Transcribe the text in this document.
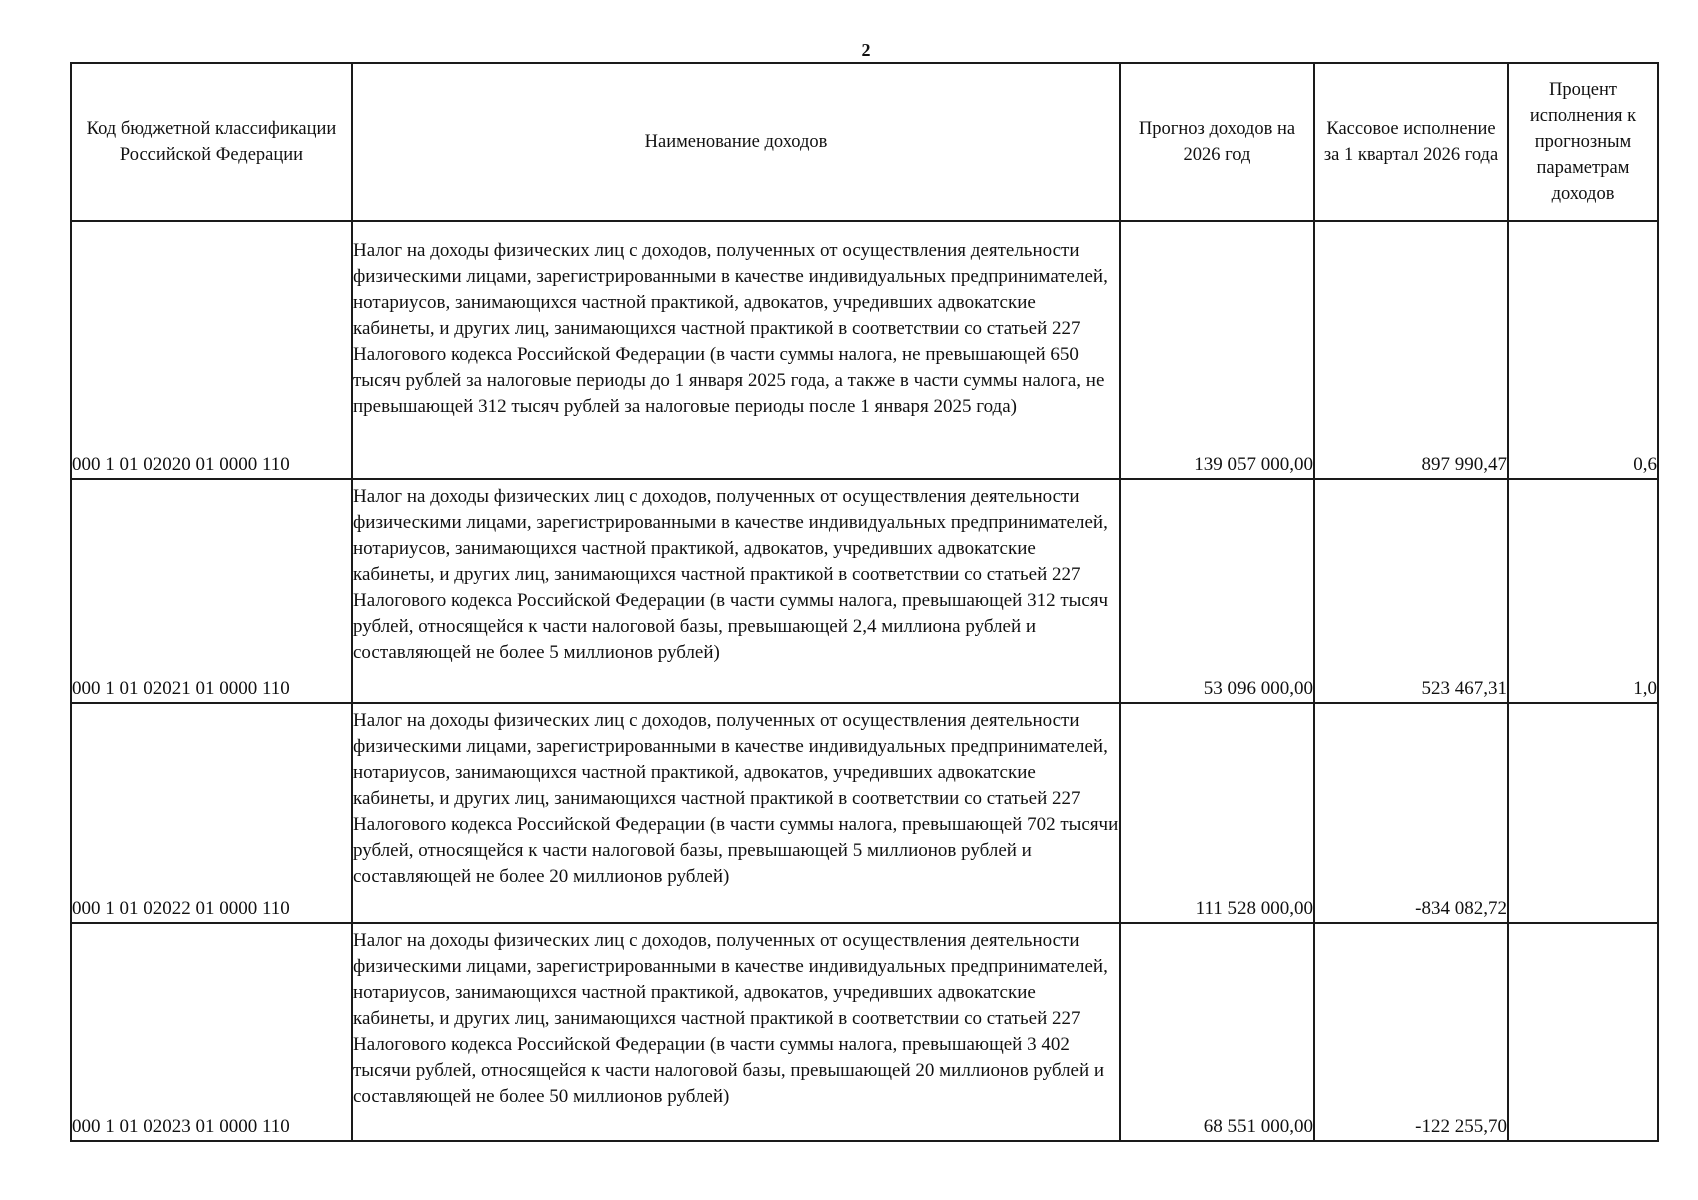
2
Код бюджетной классификации Российской Федерации	Наименование доходов	Прогноз доходов на 2026 год	Кассовое исполнение за 1 квартал 2026 года	Процент исполнения к прогнозным параметрам доходов
000 1 01 02020 01 0000 110	Налог на доходы физических лиц с доходов, полученных от осуществления деятельности физическими лицами, зарегистрированными в качестве индивидуальных предпринимателей, нотариусов, занимающихся частной практикой, адвокатов, учредивших адвокатские кабинеты, и других лиц, занимающихся частной практикой в соответствии со статьей 227 Налогового кодекса Российской Федерации (в части суммы налога, не превышающей 650 тысяч рублей за налоговые периоды до 1 января 2025 года, а также в части суммы налога, не превышающей 312 тысяч рублей за налоговые периоды после 1 января 2025 года)	139 057 000,00	897 990,47	0,6
000 1 01 02021 01 0000 110	Налог на доходы физических лиц с доходов, полученных от осуществления деятельности физическими лицами, зарегистрированными в качестве индивидуальных предпринимателей, нотариусов, занимающихся частной практикой, адвокатов, учредивших адвокатские кабинеты, и других лиц, занимающихся частной практикой в соответствии со статьей 227 Налогового кодекса Российской Федерации (в части суммы налога, превышающей 312 тысяч рублей, относящейся к части налоговой базы, превышающей 2,4 миллиона рублей и составляющей не более 5 миллионов рублей)	53 096 000,00	523 467,31	1,0
000 1 01 02022 01 0000 110	Налог на доходы физических лиц с доходов, полученных от осуществления деятельности физическими лицами, зарегистрированными в качестве индивидуальных предпринимателей, нотариусов, занимающихся частной практикой, адвокатов, учредивших адвокатские кабинеты, и других лиц, занимающихся частной практикой в соответствии со статьей 227 Налогового кодекса Российской Федерации (в части суммы налога, превышающей 702 тысячи рублей, относящейся к части налоговой базы, превышающей 5 миллионов рублей и составляющей не более 20 миллионов рублей)	111 528 000,00	-834 082,72	
000 1 01 02023 01 0000 110	Налог на доходы физических лиц с доходов, полученных от осуществления деятельности физическими лицами, зарегистрированными в качестве индивидуальных предпринимателей, нотариусов, занимающихся частной практикой, адвокатов, учредивших адвокатские кабинеты, и других лиц, занимающихся частной практикой в соответствии со статьей 227 Налогового кодекса Российской Федерации (в части суммы налога, превышающей 3 402 тысячи рублей, относящейся к части налоговой базы, превышающей 20 миллионов рублей и составляющей не более 50 миллионов рублей)	68 551 000,00	-122 255,70	
